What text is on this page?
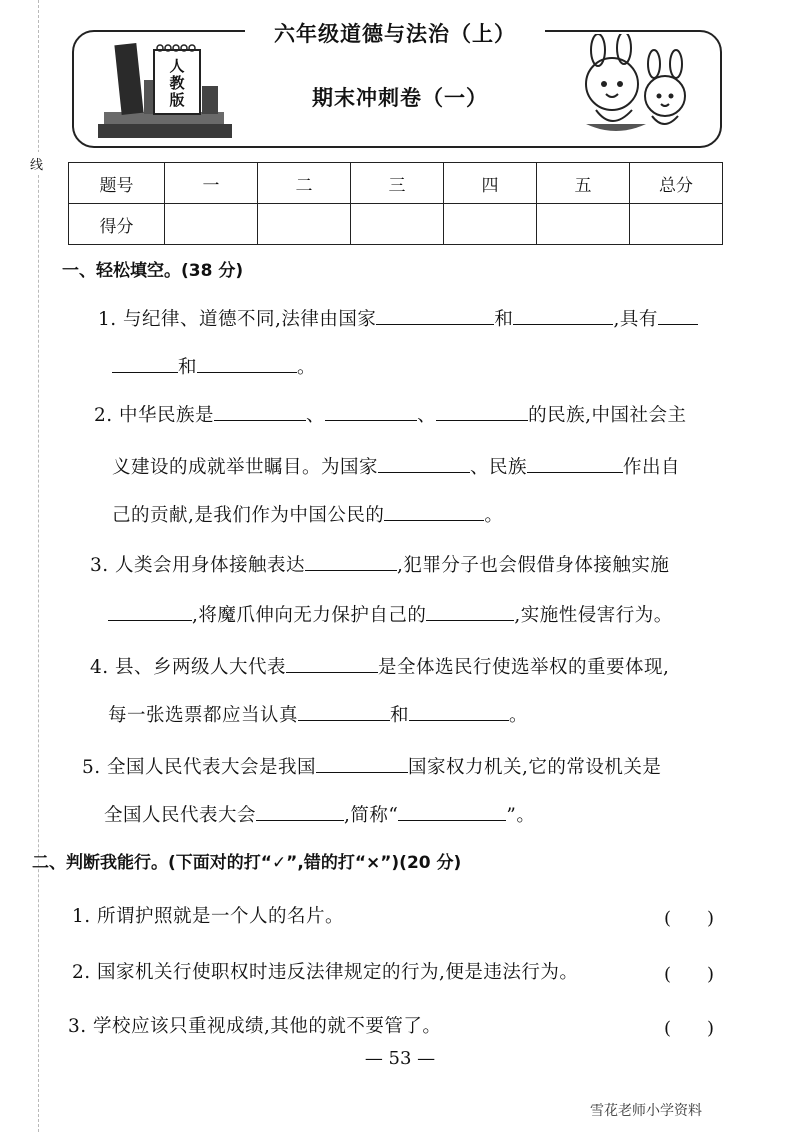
线
六年级道德与法治（上）
期末冲刺卷（一）
人教版
题号	一	二	三	四	五	总分
得分						
一、轻松填空。(38 分)
1. 与纪律、道德不同,法律由国家	和	,具有
和	。
2. 中华民族是	、	、	的民族,中国社会主
义建设的成就举世瞩目。为国家	、民族	作出自
己的贡献,是我们作为中国公民的	。
3. 人类会用身体接触表达	,犯罪分子也会假借身体接触实施
,将魔爪伸向无力保护自己的	,实施性侵害行为。
4. 县、乡两级人大代表	是全体选民行使选举权的重要体现,
每一张选票都应当认真	和	。
5. 全国人民代表大会是我国	国家权力机关,它的常设机关是
全国人民代表大会	,简称“	”。
二、判断我能行。(下面对的打“✓”,错的打“×”)(20 分)
1. 所谓护照就是一个人的名片。	(　　)
2. 国家机关行使职权时违反法律规定的行为,便是违法行为。	(　　)
3. 学校应该只重视成绩,其他的就不要管了。	(　　)
— 53 —
雪花老师小学资料
